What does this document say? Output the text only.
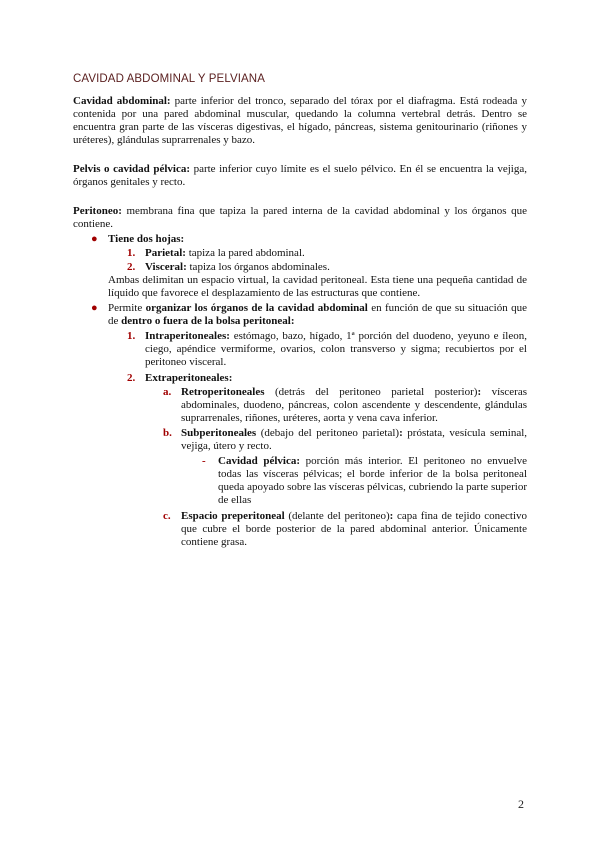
CAVIDAD ABDOMINAL Y PELVIANA

Cavidad abdominal: parte inferior del tronco, separado del tórax por el diafragma. Está rodeada y contenida por una pared abdominal muscular, quedando la columna vertebral detrás. Dentro se encuentra gran parte de las vísceras digestivas, el hígado, páncreas, sistema genitourinario (riñones y uréteres), glándulas suprarrenales y bazo.

Pelvis o cavidad pélvica: parte inferior cuyo límite es el suelo pélvico. En él se encuentra la vejiga, órganos genitales y recto.

Peritoneo: membrana fina que tapiza la pared interna de la cavidad abdominal y los órganos que contiene.

● Tiene dos hojas:

1. Parietal: tapiza la pared abdominal.

2. Visceral: tapiza los órganos abdominales.

Ambas delimitan un espacio virtual, la cavidad peritoneal. Esta tiene una pequeña cantidad de líquido que favorece el desplazamiento de las estructuras que contiene.

● Permite organizar los órganos de la cavidad abdominal en función de que su situación que de dentro o fuera de la bolsa peritoneal:

1. Intraperitoneales: estómago, bazo, hígado, 1ª porción del duodeno, yeyuno e íleon, ciego, apéndice vermiforme, ovarios, colon transverso y sigma; recubiertos por el peritoneo visceral.

2. Extraperitoneales:

a. Retroperitoneales (detrás del peritoneo parietal posterior): vísceras abdominales, duodeno, páncreas, colon ascendente y descendente, glándulas suprarrenales, riñones, uréteres, aorta y vena cava inferior.

b. Subperitoneales (debajo del peritoneo parietal): próstata, vesícula seminal, vejiga, útero y recto.

- Cavidad pélvica: porción más interior. El peritoneo no envuelve todas las vísceras pélvicas; el borde inferior de la bolsa peritoneal queda apoyado sobre las vísceras pélvicas, cubriendo la parte superior de ellas

c. Espacio preperitoneal (delante del peritoneo): capa fina de tejido conectivo que cubre el borde posterior de la pared abdominal anterior. Únicamente contiene grasa.

2
